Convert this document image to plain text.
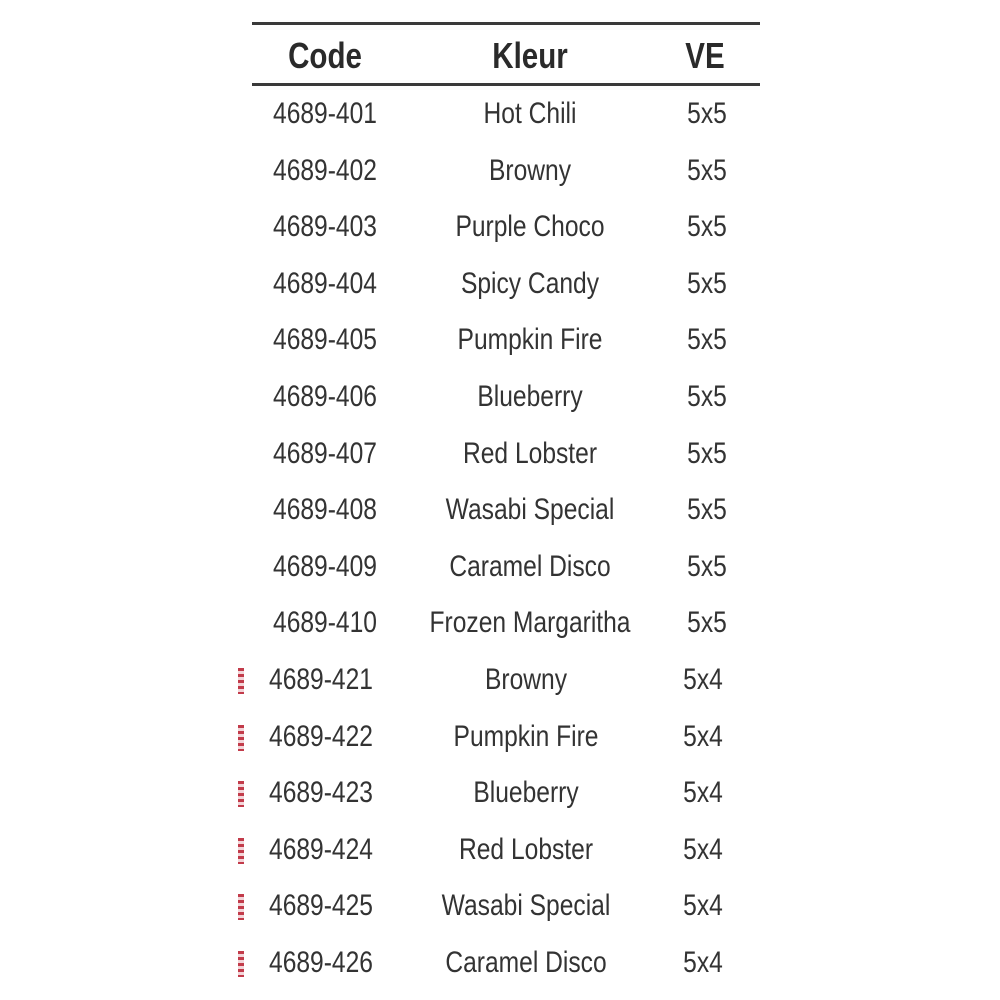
Code	Kleur	VE
4689-401	Hot Chili	5x5
4689-402	Browny	5x5
4689-403	Purple Choco	5x5
4689-404	Spicy Candy	5x5
4689-405	Pumpkin Fire	5x5
4689-406	Blueberry	5x5
4689-407	Red Lobster	5x5
4689-408	Wasabi Special	5x5
4689-409	Caramel Disco	5x5
4689-410	Frozen Margaritha	5x5
4689-421	Browny	5x4
4689-422	Pumpkin Fire	5x4
4689-423	Blueberry	5x4
4689-424	Red Lobster	5x4
4689-425	Wasabi Special	5x4
4689-426	Caramel Disco	5x4
